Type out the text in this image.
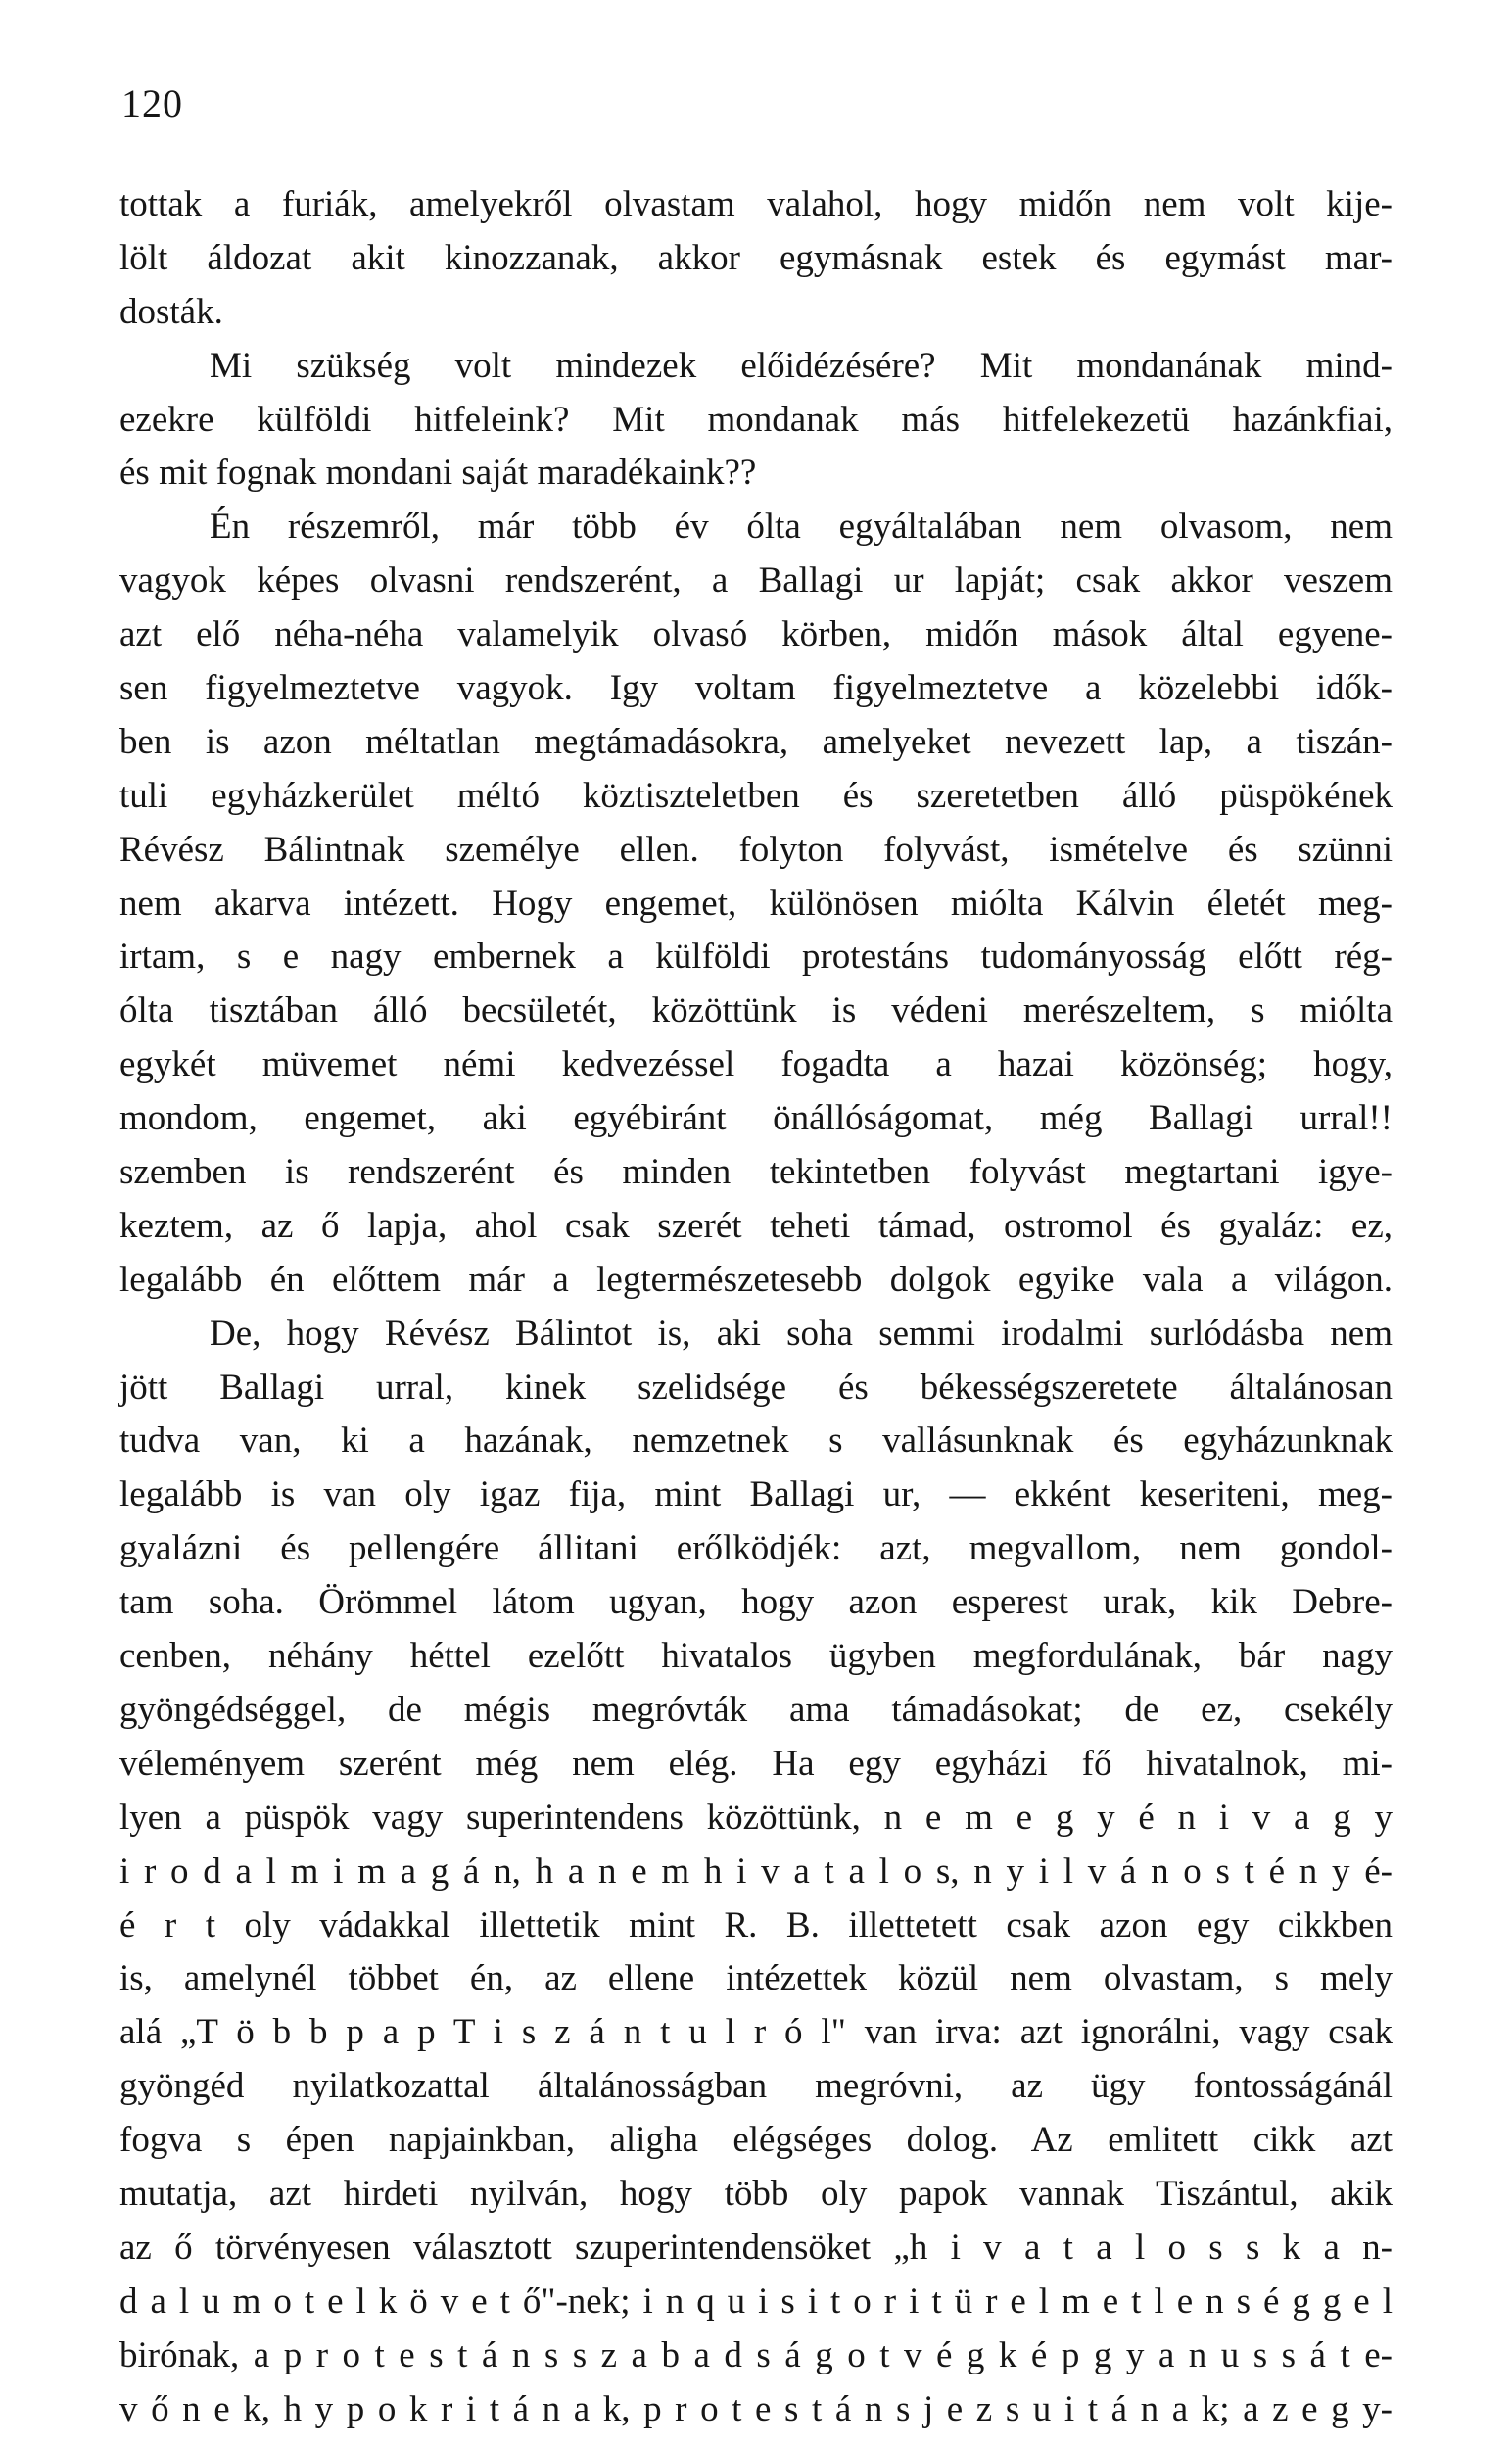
120
tottak a furiák, amelyekről olvastam valahol, hogy midőn nem volt kije-
lölt áldozat akit kinozzanak, akkor egymásnak estek és egymást mar-
dosták.
Mi szükség volt mindezek előidézésére? Mit mondanának mind-
ezekre külföldi hitfeleink? Mit mondanak más hitfelekezetü hazánkfiai,
és mit fognak mondani saját maradékaink??
Én részemről, már több év ólta egyáltalában nem olvasom, nem
vagyok képes olvasni rendszerént, a Ballagi ur lapját; csak akkor veszem
azt elő néha-néha valamelyik olvasó körben, midőn mások által egyene-
sen figyelmeztetve vagyok. Igy voltam figyelmeztetve a közelebbi idők-
ben is azon méltatlan megtámadásokra, amelyeket nevezett lap, a tiszán-
tuli egyházkerület méltó köztiszteletben és szeretetben álló püspökének
Révész Bálintnak személye ellen. folyton folyvást, ismételve és szünni
nem akarva intézett. Hogy engemet, különösen miólta Kálvin életét meg-
irtam, s e nagy embernek a külföldi protestáns tudományosság előtt rég-
ólta tisztában álló becsületét, közöttünk is védeni merészeltem, s miólta
egykét müvemet némi kedvezéssel fogadta a hazai közönség; hogy,
mondom, engemet, aki egyébiránt önállóságomat, még Ballagi urral!!
szemben is rendszerént és minden tekintetben folyvást megtartani igye-
keztem, az ő lapja, ahol csak szerét teheti támad, ostromol és gyaláz: ez,
legalább én előttem már a legtermészetesebb dolgok egyike vala a világon.
De, hogy Révész Bálintot is, aki soha semmi irodalmi surlódásba nem
jött Ballagi urral, kinek szelidsége és békességszeretete általánosan
tudva van, ki a hazának, nemzetnek s vallásunknak és egyházunknak
legalább is van oly igaz fija, mint Ballagi ur, — ekként keseriteni, meg-
gyalázni és pellengére állitani erőlködjék: azt, megvallom, nem gondol-
tam soha. Örömmel látom ugyan, hogy azon esperest urak, kik Debre-
cenben, néhány héttel ezelőtt hivatalos ügyben megfordulának, bár nagy
gyöngédséggel, de mégis megróvták ama támadásokat; de ez, csekély
véleményem szerént még nem elég. Ha egy egyházi fő hivatalnok, mi-
lyen a püspök vagy superintendens közöttünk, n e m e g y é n i v a g y
i r o d a l m i m a g á n, h a n e m h i v a t a l o s, n y i l v á n o s t é n y é-
é r t oly vádakkal illettetik mint R. B. illettetett csak azon egy cikkben
is, amelynél többet én, az ellene intézettek közül nem olvastam, s mely
alá „T ö b b p a p T i s z á n t u l r ó l" van irva: azt ignorálni, vagy csak
gyöngéd nyilatkozattal általánosságban megróvni, az ügy fontosságánál
fogva s épen napjainkban, aligha elégséges dolog. Az emlitett cikk azt
mutatja, azt hirdeti nyilván, hogy több oly papok vannak Tiszántul, akik
az ő törvényesen választott szuperintendensöket „h i v a t a l o s s k a n-
d a l u m o t e l k ö v e t ő"-nek; i n q u i s i t o r i t ü r e l m e t l e n s é g g e l
birónak, a p r o t e s t á n s s z a b a d s á g o t v é g k é p g y a n u s s á t e-
v ő n e k, h y p o k r i t á n a k, p r o t e s t á n s j e z s u i t á n a k; a z e g y-
